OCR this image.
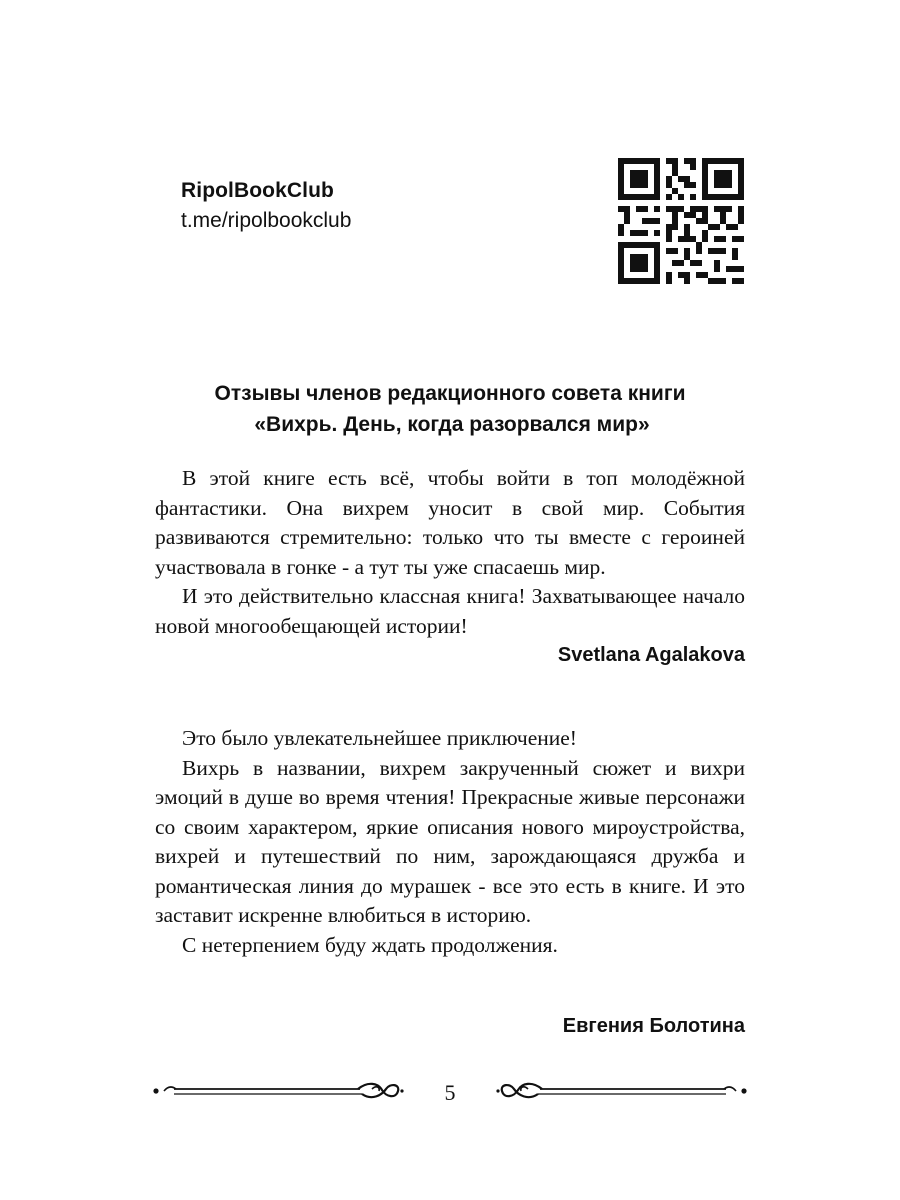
RipolBookClub
t.me/ripolbookclub
Отзывы членов редакционного совета книги
«Вихрь. День, когда разорвался мир»

В этой книге есть всё, чтобы войти в топ молодёжной фантастики. Она вихрем уносит в свой мир. События развиваются стремительно: только что ты вместе с героиней участвовала в гонке - а тут ты уже спасаешь мир.

И это действительно классная книга! Захватывающее начало новой многообещающей истории!

Svetlana Agalakova

Это было увлекательнейшее приключение!

Вихрь в названии, вихрем закрученный сюжет и вихри эмоций в душе во время чтения! Прекрасные живые персонажи со своим характером, яркие описания нового мироустройства, вихрей и путешествий по ним, зарождающаяся дружба и романтическая линия до мурашек - все это есть в книге. И это заставит искренне влюбиться в историю.

С нетерпением буду ждать продолжения.

Евгения Болотина
5
